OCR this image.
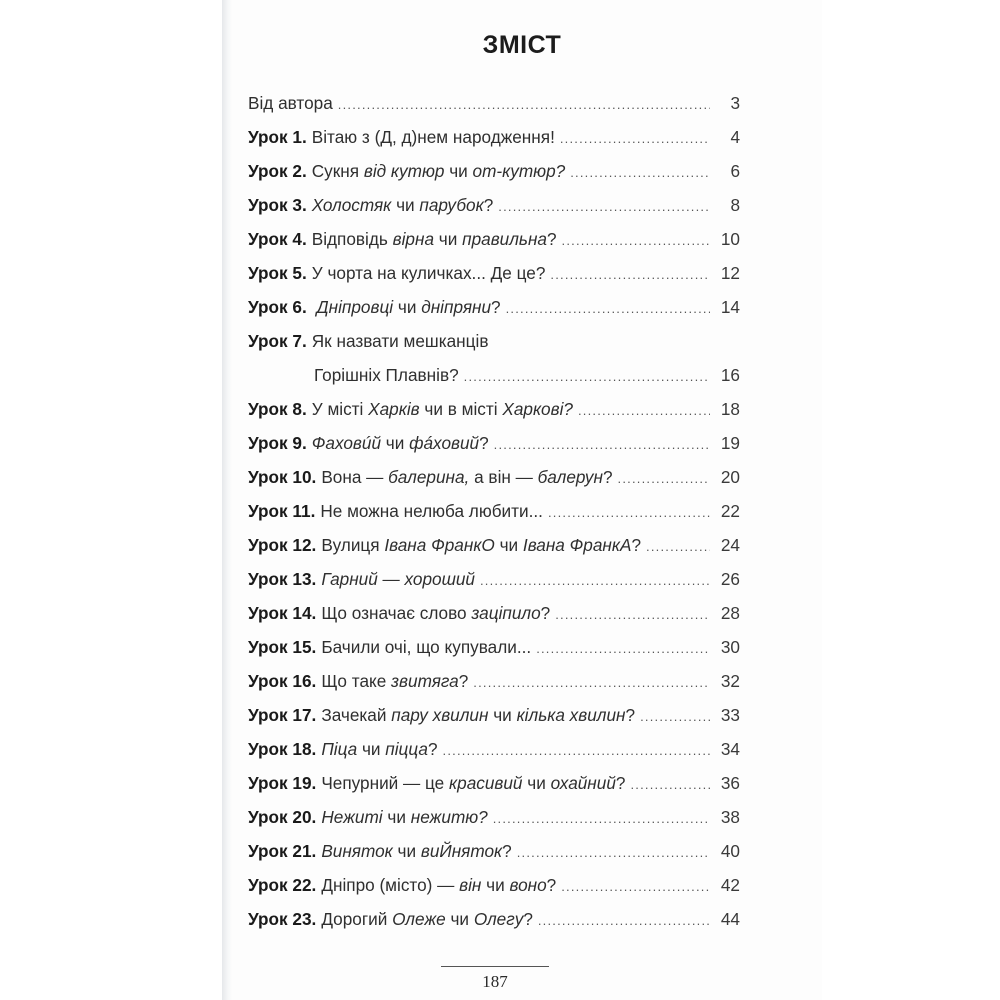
ЗМІСТ
Від автора .....	3
Урок 1. Вітаю з (Д, д)нем народження! .....	4
Урок 2. Сукня від кутюр чи от-кутюр? .....	6
Урок 3. Холостяк чи парубок? .....	8
Урок 4. Відповідь вірна чи правильна? .....	10
Урок 5. У чорта на куличках... Де це? .....	12
Урок 6. Дніпровці чи дніпряни? .....	14
Урок 7. Як назвати мешканців
Горішніх Плавнів? .....	16
Урок 8. У місті Харків чи в місті Харкові? .....	18
Урок 9. Фаховúй чи фáховий? .....	19
Урок 10. Вона — балерина, а він — балерун? .....	20
Урок 11. Не можна нелюба любити... .....	22
Урок 12. Вулиця Івана ФранкО чи Івана ФранкА? .....	24
Урок 13. Гарний — хороший .....	26
Урок 14. Що означає слово заціпило? .....	28
Урок 15. Бачили очі, що купували... .....	30
Урок 16. Що таке звитяга? .....	32
Урок 17. Зачекай пару хвилин чи кілька хвилин? .....	33
Урок 18. Піца чи піцца? .....	34
Урок 19. Чепурний — це красивий чи охайний? .....	36
Урок 20. Нежиті чи нежитю? .....	38
Урок 21. Виняток чи виЙняток? .....	40
Урок 22. Дніпро (місто) — він чи воно? .....	42
Урок 23. Дорогий Олеже чи Олегу? .....	44
187
